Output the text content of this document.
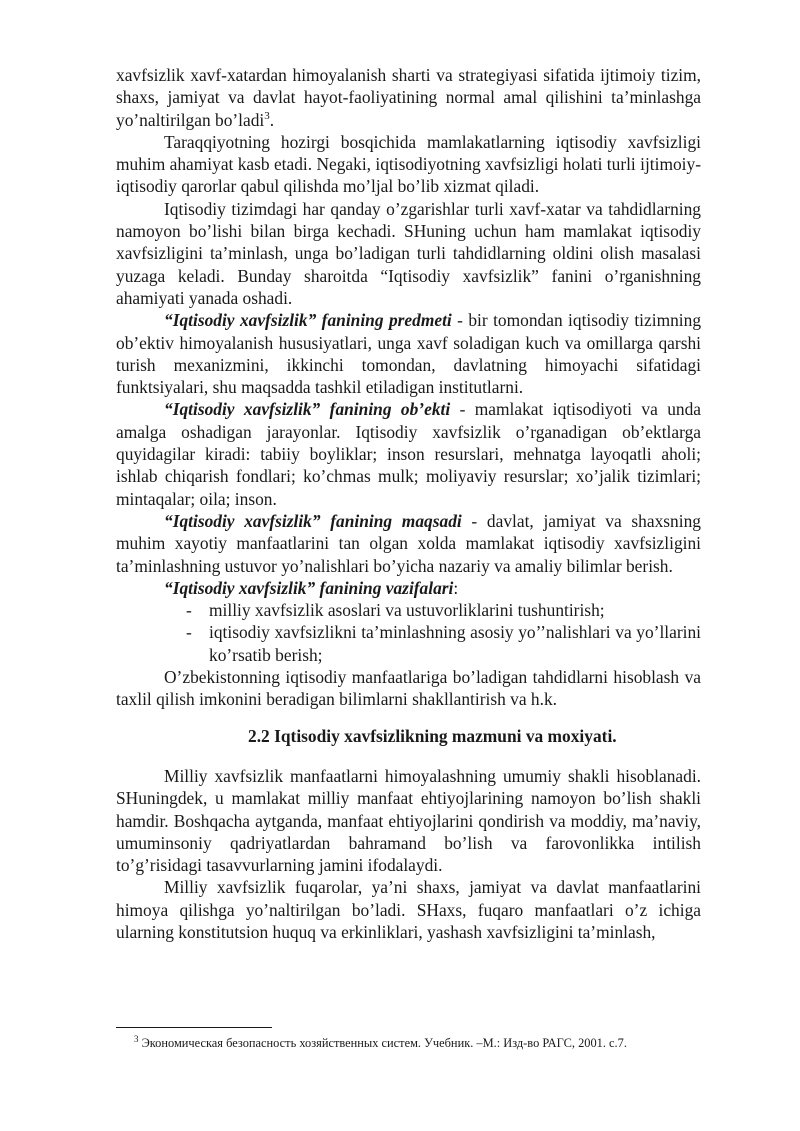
xavfsizlik xavf-xatardan himoyalanish sharti va strategiyasi sifatida ijtimoiy tizim, shaxs, jamiyat va davlat hayot-faoliyatining normal amal qilishini ta’minlashga yo’naltirilgan bo’ladi$^3$.

Taraqqiyotning hozirgi bosqichida mamlakatlarning iqtisodiy xavfsizligi muhim ahamiyat kasb etadi. Negaki, iqtisodiyotning xavfsizligi holati turli ijtimoiy-iqtisodiy qarorlar qabul qilishda mo’ljal bo’lib xizmat qiladi.

Iqtisodiy tizimdagi har qanday o’zgarishlar turli xavf-xatar va tahdidlarning namoyon bo’lishi bilan birga kechadi. SHuning uchun ham mamlakat iqtisodiy xavfsizligini ta’minlash, unga bo’ladigan turli tahdidlarning oldini olish masalasi yuzaga keladi. Bunday sharoitda “Iqtisodiy xavfsizlik” fanini o’rganishning ahamiyati yanada oshadi.

“Iqtisodiy xavfsizlik” fanining predmeti - bir tomondan iqtisodiy tizimning ob’ektiv himoyalanish hususiyatlari, unga xavf soladigan kuch va omillarga qarshi turish mexanizmini, ikkinchi tomondan, davlatning himoyachi sifatidagi funktsiyalari, shu maqsadda tashkil etiladigan institutlarni.

“Iqtisodiy xavfsizlik” fanining ob’ekti - mamlakat iqtisodiyoti va unda amalga oshadigan jarayonlar. Iqtisodiy xavfsizlik o’rganadigan ob’ektlarga quyidagilar kiradi: tabiiy boyliklar; inson resurslari, mehnatga layoqatli aholi; ishlab chiqarish fondlari; ko’chmas mulk; moliyaviy resurslar; xo’jalik tizimlari; mintaqalar; oila; inson.

“Iqtisodiy xavfsizlik” fanining maqsadi - davlat, jamiyat va shaxsning muhim xayotiy manfaatlarini tan olgan xolda mamlakat iqtisodiy xavfsizligini ta’minlashning ustuvor yo’nalishlari bo’yicha nazariy va amaliy bilimlar berish.

“Iqtisodiy xavfsizlik” fanining vazifalari:

- milliy xavfsizlik asoslari va ustuvorliklarini tushuntirish;
- iqtisodiy xavfsizlikni ta’minlashning asosiy yo’’nalishlari va yo’llarini ko’rsatib berish;

O’zbekistonning iqtisodiy manfaatlariga bo’ladigan tahdidlarni hisoblash va taxlil qilish imkonini beradigan bilimlarni shakllantirish va h.k.

2.2 Iqtisodiy xavfsizlikning mazmuni va moxiyati.

Milliy xavfsizlik manfaatlarni himoyalashning umumiy shakli hisoblanadi. SHuningdek, u mamlakat milliy manfaat ehtiyojlarining namoyon bo’lish shakli hamdir. Boshqacha aytganda, manfaat ehtiyojlarini qondirish va moddiy, ma’naviy, umuminsoniy qadriyatlardan bahramand bo’lish va farovonlikka intilish to’g’risidagi tasavvurlarning jamini ifodalaydi.

Milliy xavfsizlik fuqarolar, ya’ni shaxs, jamiyat va davlat manfaatlarini himoya qilishga yo’naltirilgan bo’ladi. SHaxs, fuqaro manfaatlari o’z ichiga ularning konstitutsion huquq va erkinliklari, yashash xavfsizligini ta’minlash,

$^3$ Экономическая безопасность хозяйственных систем. Учебник. –М.: Изд-во РАГС, 2001. с.7.
